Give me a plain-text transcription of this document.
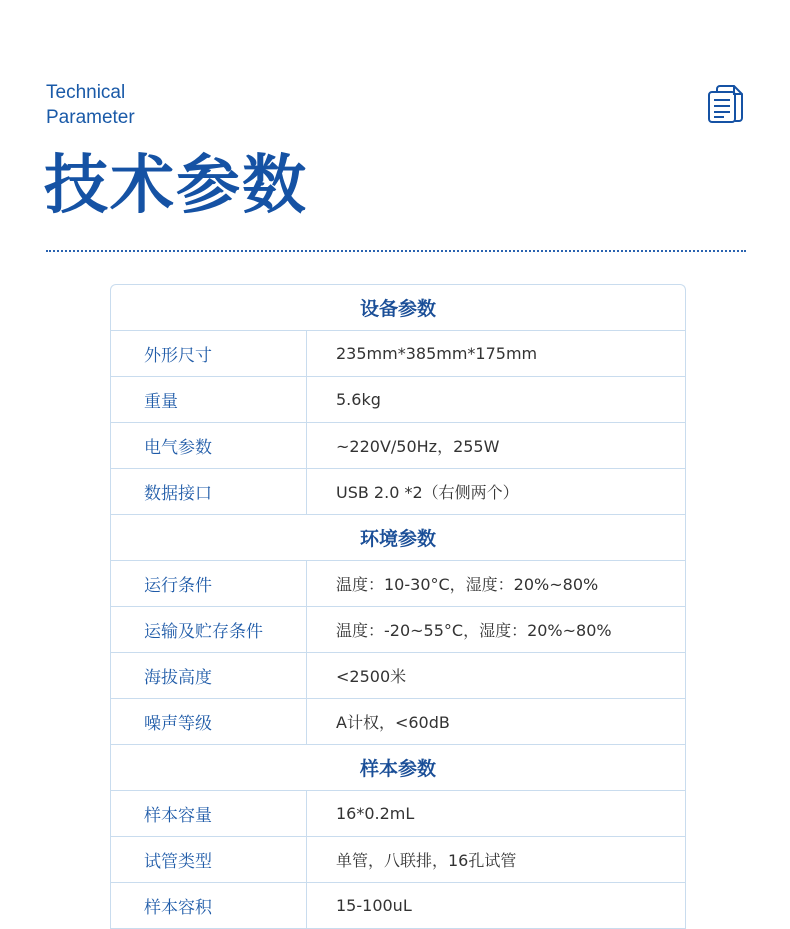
Technical
Parameter
技术参数
设备参数
外形尺寸	235mm*385mm*175mm
重量	5.6kg
电气参数	~220V/50Hz，255W
数据接口	USB 2.0 *2（右侧两个）
环境参数
运行条件	温度：10-30°C，湿度：20%~80%
运输及贮存条件	温度：-20~55°C，湿度：20%~80%
海拔高度	<2500米
噪声等级	A计权，<60dB
样本参数
样本容量	16*0.2mL
试管类型	单管，八联排，16孔试管
样本容积	15-100uL
